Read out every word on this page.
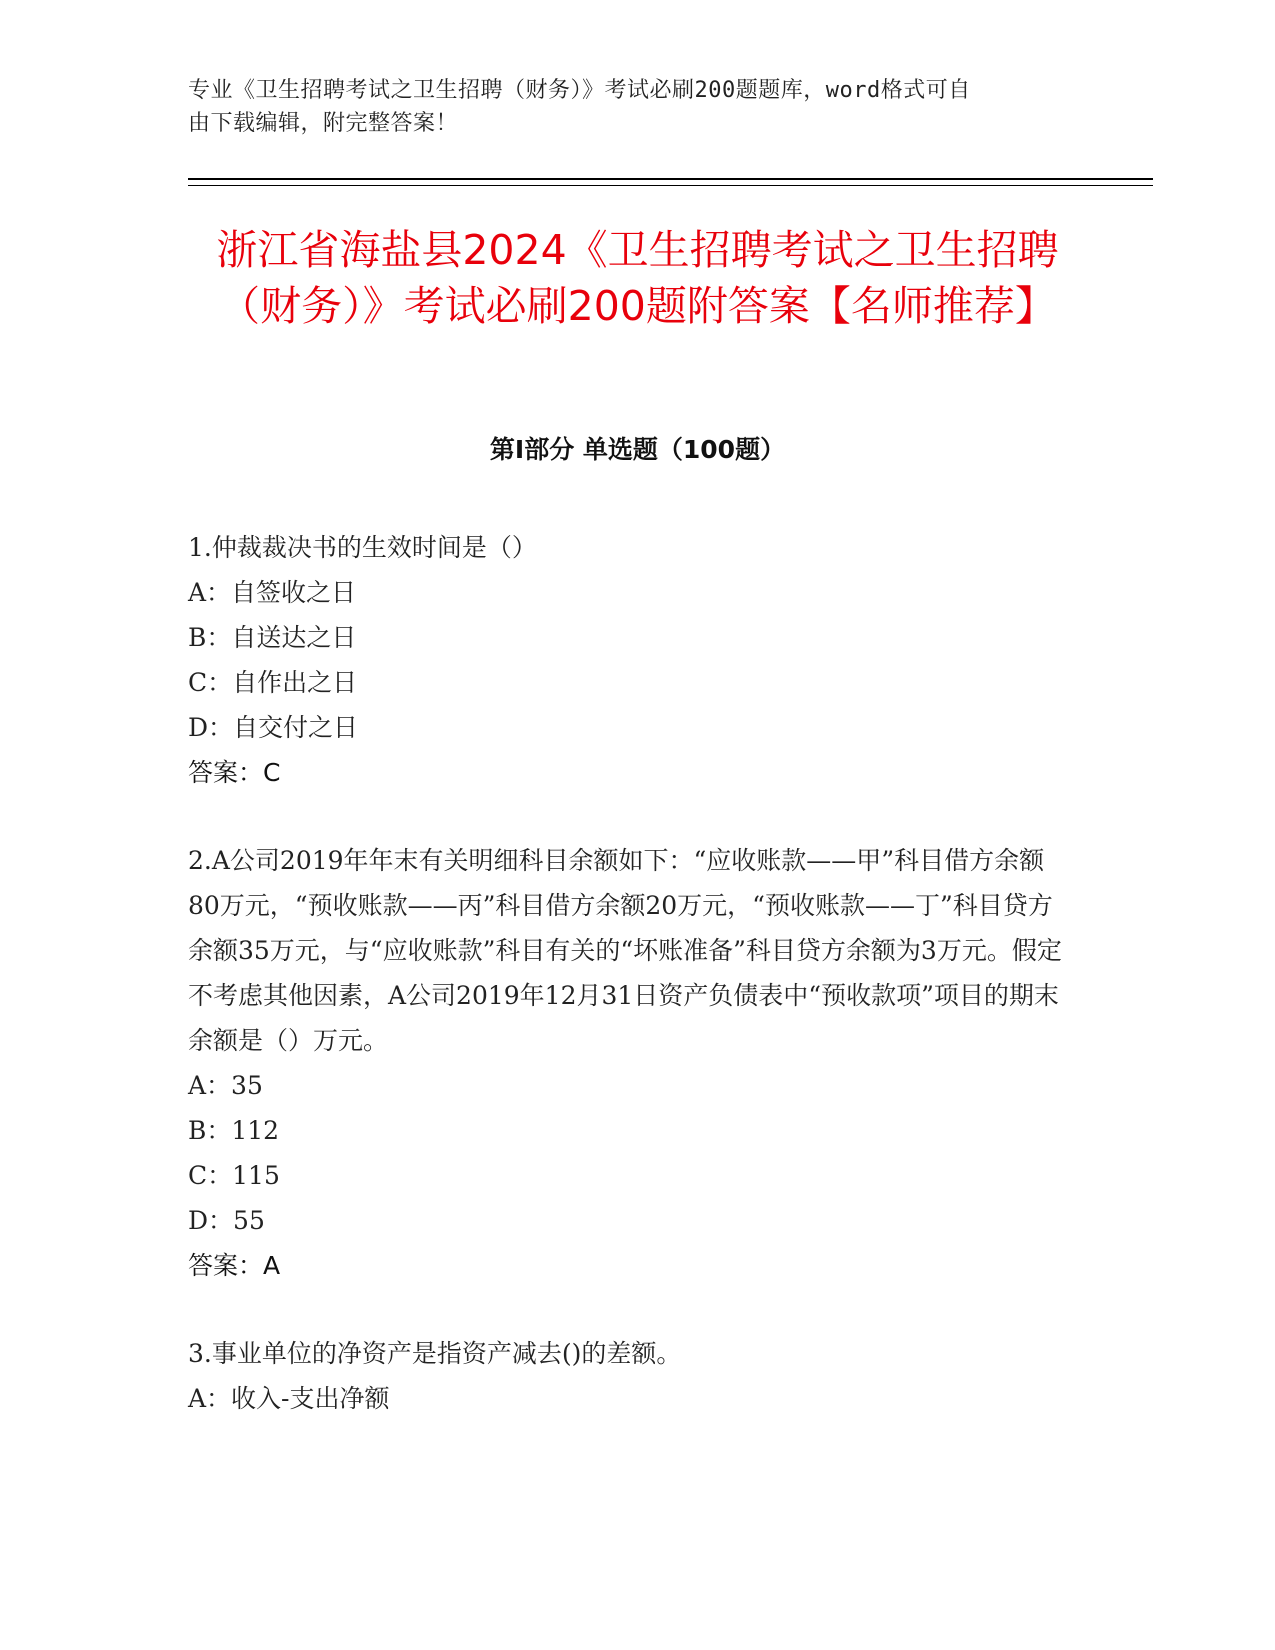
专业《卫生招聘考试之卫生招聘（财务）》考试必刷200题题库，word格式可自
由下载编辑，附完整答案！
浙江省海盐县2024《卫生招聘考试之卫生招聘（财务）》考试必刷200题附答案【名师推荐】
第Ⅰ部分 单选题（100题）

1.仲裁裁决书的生效时间是（）

A：自签收之日

B：自送达之日

C：自作出之日

D：自交付之日

答案：C

2.A公司2019年年末有关明细科目余额如下：“应收账款——甲”科目借方余额80万元，“预收账款——丙”科目借方余额20万元，“预收账款——丁”科目贷方余额35万元，与“应收账款”科目有关的“坏账准备”科目贷方余额为3万元。假定不考虑其他因素，A公司2019年12月31日资产负债表中“预收款项”项目的期末余额是（）万元。

A：35

B：112

C：115

D：55

答案：A

3.事业单位的净资产是指资产减去()的差额。

A：收入-支出净额
